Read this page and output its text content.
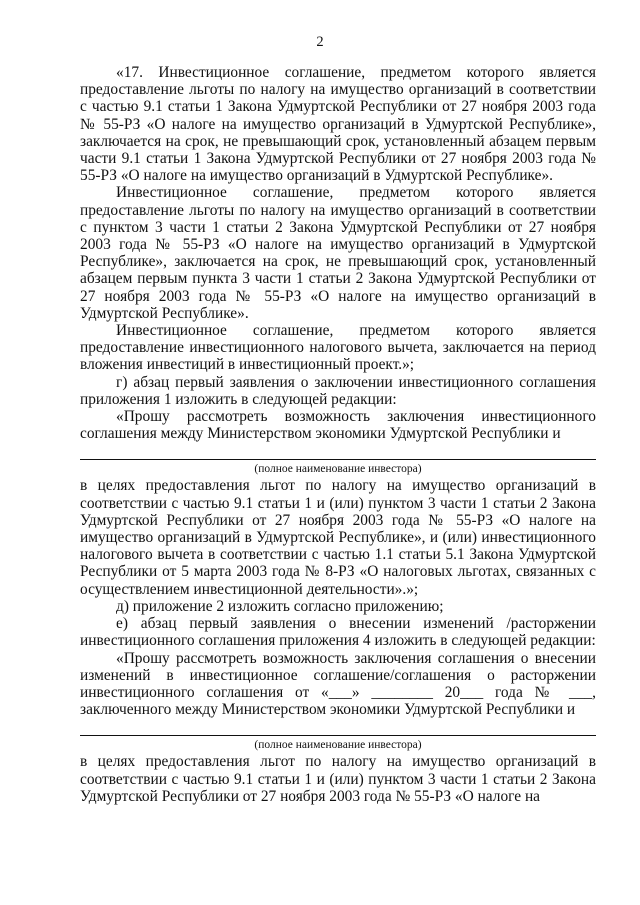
2

«17. Инвестиционное соглашение, предметом которого является предоставление льготы по налогу на имущество организаций в соответствии с частью 9.1 статьи 1 Закона Удмуртской Республики от 27 ноября 2003 года № 55-РЗ «О налоге на имущество организаций в Удмуртской Республике», заключается на срок, не превышающий срок, установленный абзацем первым части 9.1 статьи 1 Закона Удмуртской Республики от 27 ноября 2003 года № 55-РЗ «О налоге на имущество организаций в Удмуртской Республике».

Инвестиционное соглашение, предметом которого является предоставление льготы по налогу на имущество организаций в соответствии с пунктом 3 части 1 статьи 2 Закона Удмуртской Республики от 27 ноября 2003 года № 55-РЗ «О налоге на имущество организаций в Удмуртской Республике», заключается на срок, не превышающий срок, установленный абзацем первым пункта 3 части 1 статьи 2 Закона Удмуртской Республики от 27 ноября 2003 года № 55-РЗ «О налоге на имущество организаций в Удмуртской Республике».

Инвестиционное соглашение, предметом которого является предоставление инвестиционного налогового вычета, заключается на период вложения инвестиций в инвестиционный проект.»;

г) абзац первый заявления о заключении инвестиционного соглашения приложения 1 изложить в следующей редакции:

«Прошу рассмотреть возможность заключения инвестиционного соглашения между Министерством экономики Удмуртской Республики и

(полное наименование инвестора)

в целях предоставления льгот по налогу на имущество организаций в соответствии с частью 9.1 статьи 1 и (или) пунктом 3 части 1 статьи 2 Закона Удмуртской Республики от 27 ноября 2003 года № 55-РЗ «О налоге на имущество организаций в Удмуртской Республике», и (или) инвестиционного налогового вычета в соответствии с частью 1.1 статьи 5.1 Закона Удмуртской Республики от 5 марта 2003 года № 8-РЗ «О налоговых льготах, связанных с осуществлением инвестиционной деятельности».»;

д) приложение 2 изложить согласно приложению;

е) абзац первый заявления о внесении изменений /расторжении инвестиционного соглашения приложения 4 изложить в следующей редакции:

«Прошу рассмотреть возможность заключения соглашения о внесении изменений в инвестиционное соглашение/соглашения о расторжении инвестиционного соглашения от «___» ________ 20___ года № ___, заключенного между Министерством экономики Удмуртской Республики и

(полное наименование инвестора)

в целях предоставления льгот по налогу на имущество организаций в соответствии с частью 9.1 статьи 1 и (или) пунктом 3 части 1 статьи 2 Закона Удмуртской Республики от 27 ноября 2003 года № 55-РЗ «О налоге на
